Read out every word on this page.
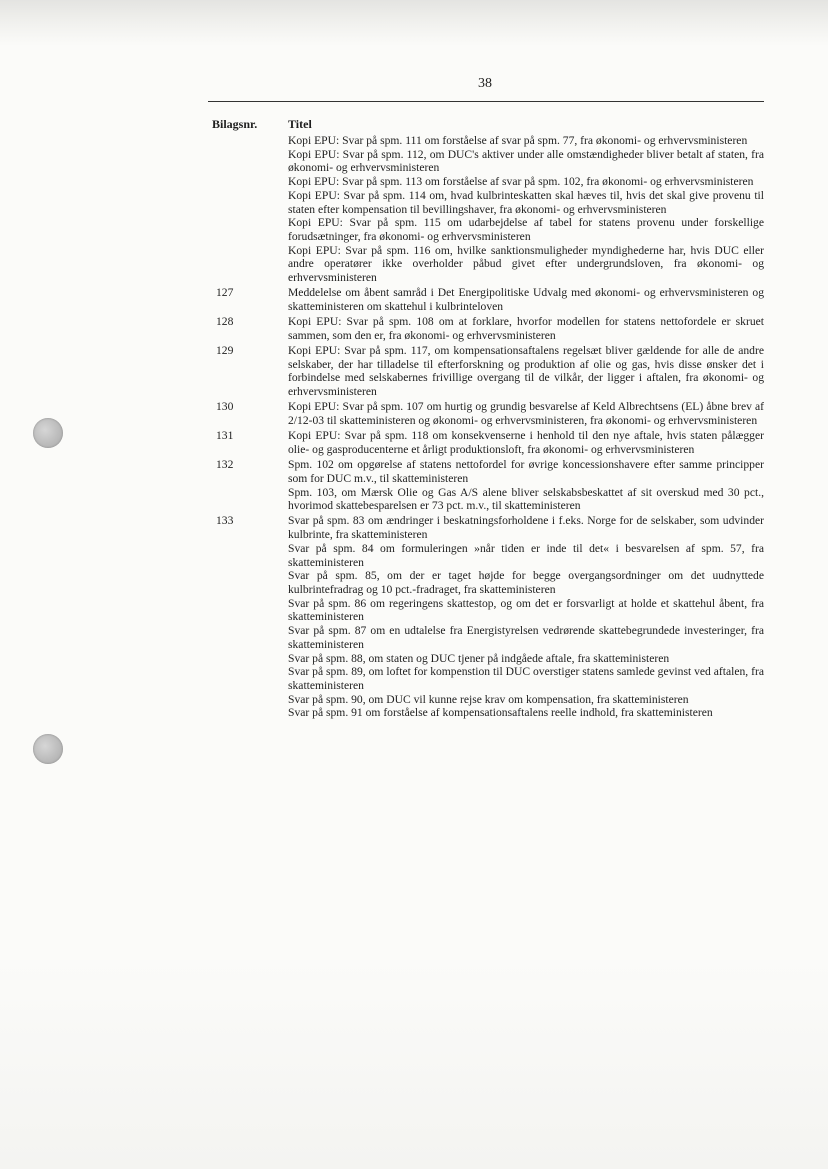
38
Bilagsnr.	Titel

Kopi EPU: Svar på spm. 111 om forståelse af svar på spm. 77, fra økonomi- og erhvervsministeren

Kopi EPU: Svar på spm. 112, om DUC's aktiver under alle omstændigheder bliver betalt af staten, fra økonomi- og erhvervsministeren

Kopi EPU: Svar på spm. 113 om forståelse af svar på spm. 102, fra økonomi- og erhvervsministeren

Kopi EPU: Svar på spm. 114 om, hvad kulbrinteskatten skal hæves til, hvis det skal give provenu til staten efter kompensation til bevillingshaver, fra økonomi- og erhvervsministeren

Kopi EPU: Svar på spm. 115 om udarbejdelse af tabel for statens provenu under forskellige forudsætninger, fra økonomi- og erhvervsministeren

Kopi EPU: Svar på spm. 116 om, hvilke sanktionsmuligheder myndighederne har, hvis DUC eller andre operatører ikke overholder påbud givet efter undergrundsloven, fra økonomi- og erhvervsministeren

127	Meddelelse om åbent samråd i Det Energipolitiske Udvalg med økonomi- og erhvervsministeren og skatteministeren om skattehul i kulbrinteloven

128	Kopi EPU: Svar på spm. 108 om at forklare, hvorfor modellen for statens nettofordele er skruet sammen, som den er, fra økonomi- og erhvervsministeren

129	Kopi EPU: Svar på spm. 117, om kompensationsaftalens regelsæt bliver gældende for alle de andre selskaber, der har tilladelse til efterforskning og produktion af olie og gas, hvis disse ønsker det i forbindelse med selskabernes frivillige overgang til de vilkår, der ligger i aftalen, fra økonomi- og erhvervsministeren

130	Kopi EPU: Svar på spm. 107 om hurtig og grundig besvarelse af Keld Albrechtsens (EL) åbne brev af 2/12-03 til skatteministeren og økonomi- og erhvervsministeren, fra økonomi- og erhvervsministeren

131	Kopi EPU: Svar på spm. 118 om konsekvenserne i henhold til den nye aftale, hvis staten pålægger olie- og gasproducenterne et årligt produktionsloft, fra økonomi- og erhvervsministeren

132	Spm. 102 om opgørelse af statens nettofordel for øvrige koncessionshavere efter samme principper som for DUC m.v., til skatteministeren

Spm. 103, om Mærsk Olie og Gas A/S alene bliver selskabsbeskattet af sit overskud med 30 pct., hvorimod skattebesparelsen er 73 pct. m.v., til skatteministeren

133	Svar på spm. 83 om ændringer i beskatningsforholdene i f.eks. Norge for de selskaber, som udvinder kulbrinte, fra skatteministeren

Svar på spm. 84 om formuleringen »når tiden er inde til det« i besvarelsen af spm. 57, fra skatteministeren

Svar på spm. 85, om der er taget højde for begge overgangsordninger om det uudnyttede kulbrintefradrag og 10 pct.-fradraget, fra skatteministeren

Svar på spm. 86 om regeringens skattestop, og om det er forsvarligt at holde et skattehul åbent, fra skatteministeren

Svar på spm. 87 om en udtalelse fra Energistyrelsen vedrørende skattebegrundede investeringer, fra skatteministeren

Svar på spm. 88, om staten og DUC tjener på indgåede aftale, fra skatteministeren

Svar på spm. 89, om loftet for kompenstion til DUC overstiger statens samlede gevinst ved aftalen, fra skatteministeren

Svar på spm. 90, om DUC vil kunne rejse krav om kompensation, fra skatteministeren

Svar på spm. 91 om forståelse af kompensationsaftalens reelle indhold, fra skatteministeren
